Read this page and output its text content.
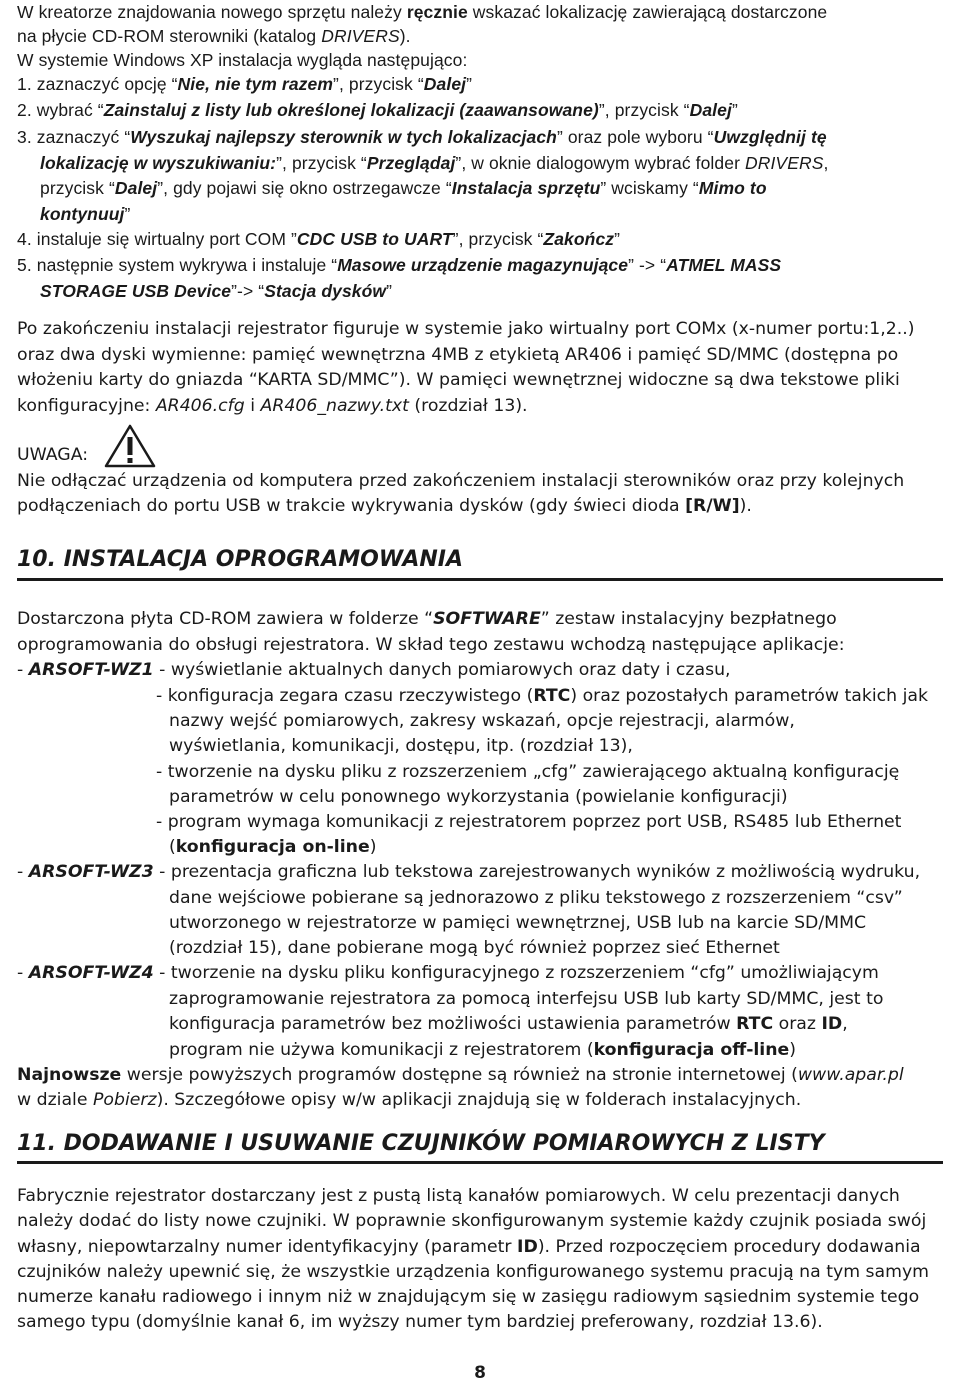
W kreatorze znajdowania nowego sprzętu należy ręcznie wskazać lokalizację zawierającą dostarczone
na płycie CD-ROM sterowniki (katalog DRIVERS).
W systemie Windows XP instalacja wygląda następująco:
1. zaznaczyć opcję “Nie, nie tym razem”, przycisk “Dalej”
2. wybrać “Zainstaluj z listy lub określonej lokalizacji (zaawansowane)”, przycisk “Dalej”
3. zaznaczyć “Wyszukaj najlepszy sterownik w tych lokalizacjach” oraz pole wyboru “Uwzględnij tę
lokalizację w wyszukiwaniu:”, przycisk “Przeglądaj”, w oknie dialogowym wybrać folder DRIVERS,
przycisk “Dalej”, gdy pojawi się okno ostrzegawcze “Instalacja sprzętu” wciskamy “Mimo to
kontynuuj”
4. instaluje się wirtualny port COM ”CDC USB to UART”, przycisk “Zakończ”
5. następnie system wykrywa i instaluje “Masowe urządzenie magazynujące” -> “ATMEL MASS
STORAGE USB Device”-> “Stacja dysków”
Po zakończeniu instalacji rejestrator figuruje w systemie jako wirtualny port COMx (x-numer portu:1,2..)
oraz dwa dyski wymienne: pamięć wewnętrzna 4MB z etykietą AR406 i pamięć SD/MMC (dostępna po
włożeniu karty do gniazda “KARTA SD/MMC”). W pamięci wewnętrznej widoczne są dwa tekstowe pliki
konfiguracyjne: AR406.cfg i AR406_nazwy.txt (rozdział 13).
UWAGA:
Nie odłączać urządzenia od komputera przed zakończeniem instalacji sterowników oraz przy kolejnych
podłączeniach do portu USB w trakcie wykrywania dysków (gdy świeci dioda [R/W]).
10. INSTALACJA OPROGRAMOWANIA
Dostarczona płyta CD-ROM zawiera w folderze “SOFTWARE” zestaw instalacyjny bezpłatnego
oprogramowania do obsługi rejestratora. W skład tego zestawu wchodzą następujące aplikacje:
- ARSOFT-WZ1 - wyświetlanie aktualnych danych pomiarowych oraz daty i czasu,
- konfiguracja zegara czasu rzeczywistego (RTC) oraz pozostałych parametrów takich jak
nazwy wejść pomiarowych, zakresy wskazań, opcje rejestracji, alarmów,
wyświetlania, komunikacji, dostępu, itp. (rozdział 13),
- tworzenie na dysku pliku z rozszerzeniem „cfg” zawierającego aktualną konfigurację
parametrów w celu ponownego wykorzystania (powielanie konfiguracji)
- program wymaga komunikacji z rejestratorem poprzez port USB, RS485 lub Ethernet
(konfiguracja on-line)
- ARSOFT-WZ3 - prezentacja graficzna lub tekstowa zarejestrowanych wyników z możliwością wydruku,
dane wejściowe pobierane są jednorazowo z pliku tekstowego z rozszerzeniem “csv”
utworzonego w rejestratorze w pamięci wewnętrznej, USB lub na karcie SD/MMC
(rozdział 15), dane pobierane mogą być również poprzez sieć Ethernet
- ARSOFT-WZ4 - tworzenie na dysku pliku konfiguracyjnego z rozszerzeniem “cfg” umożliwiającym
zaprogramowanie rejestratora za pomocą interfejsu USB lub karty SD/MMC, jest to
konfiguracja parametrów bez możliwości ustawienia parametrów RTC oraz ID,
program nie używa komunikacji z rejestratorem (konfiguracja off-line)
Najnowsze wersje powyższych programów dostępne są również na stronie internetowej (www.apar.pl
w dziale Pobierz). Szczegółowe opisy w/w aplikacji znajdują się w folderach instalacyjnych.
11. DODAWANIE I USUWANIE CZUJNIKÓW POMIAROWYCH Z LISTY
Fabrycznie rejestrator dostarczany jest z pustą listą kanałów pomiarowych. W celu prezentacji danych
należy dodać do listy nowe czujniki. W poprawnie skonfigurowanym systemie każdy czujnik posiada swój
własny, niepowtarzalny numer identyfikacyjny (parametr ID). Przed rozpoczęciem procedury dodawania
czujników należy upewnić się, że wszystkie urządzenia konfigurowanego systemu pracują na tym samym
numerze kanału radiowego i innym niż w znajdującym się w zasięgu radiowym sąsiednim systemie tego
samego typu (domyślnie kanał 6, im wyższy numer tym bardziej preferowany, rozdział 13.6).
8
